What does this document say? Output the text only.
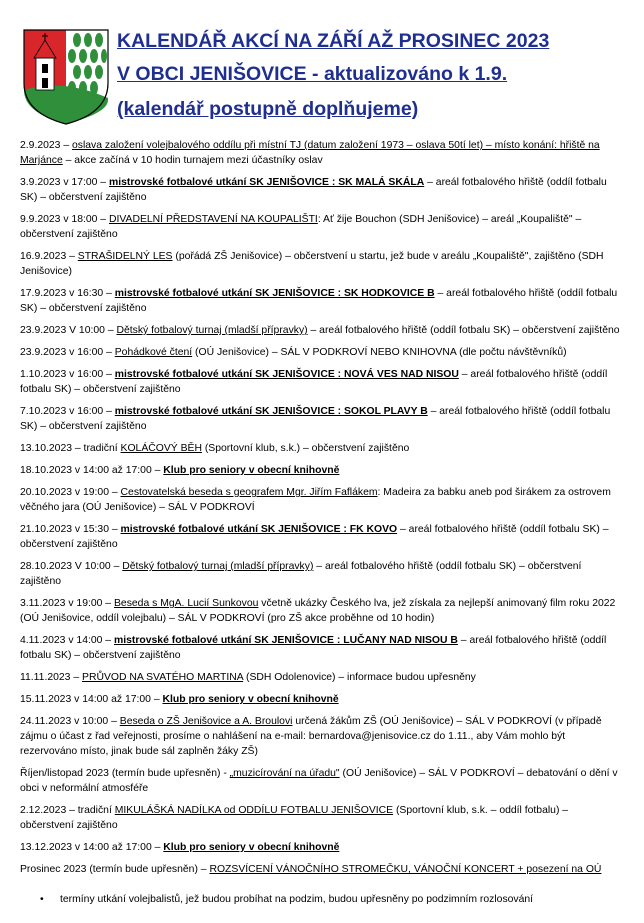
KALENDÁŘ AKCÍ NA ZÁŘÍ AŽ PROSINEC 2023
V OBCI JENIŠOVICE - aktualizováno k 1.9.
(kalendář postupně doplňujeme)
2.9.2023 – oslava založení volejbalového oddílu při místní TJ (datum založení 1973 – oslava 50tí let) – místo konání: hřiště na Marjánce – akce začíná v 10 hodin turnajem mezi účastníky oslav
3.9.2023 v 17:00 – mistrovské fotbalové utkání SK JENIŠOVICE : SK MALÁ SKÁLA – areál fotbalového hřiště (oddíl fotbalu SK) – občerstvení zajištěno
9.9.2023 v 18:00 – DIVADELNÍ PŘEDSTAVENÍ NA KOUPALIŠTI: Ať žije Bouchon (SDH Jenišovice) – areál „Koupaliště" – občerstvení zajištěno
16.9.2023 – STRAŠIDELNÝ LES (pořádá ZŠ Jenišovice) – občerstvení u startu, jež bude v areálu „Koupaliště", zajištěno (SDH Jenišovice)
17.9.2023 v 16:30 – mistrovské fotbalové utkání SK JENIŠOVICE : SK HODKOVICE B – areál fotbalového hřiště (oddíl fotbalu SK) – občerstvení zajištěno
23.9.2023 V 10:00 – Dětský fotbalový turnaj (mladší přípravky) – areál fotbalového hřiště (oddíl fotbalu SK) – občerstvení zajištěno
23.9.2023 v 16:00 – Pohádkové čtení (OÚ Jenišovice) – SÁL V PODKROVÍ NEBO KNIHOVNA (dle počtu návštěvníků)
1.10.2023 v 16:00 – mistrovské fotbalové utkání SK JENIŠOVICE : NOVÁ VES NAD NISOU – areál fotbalového hřiště (oddíl fotbalu SK) – občerstvení zajištěno
7.10.2023 v 16:00 – mistrovské fotbalové utkání SK JENIŠOVICE : SOKOL PLAVY B – areál fotbalového hřiště (oddíl fotbalu SK) – občerstvení zajištěno
13.10.2023 – tradiční KOLÁČOVÝ BĚH (Sportovní klub, s.k.) – občerstvení zajištěno
18.10.2023 v 14:00 až 17:00 – Klub pro seniory v obecní knihovně
20.10.2023 v 19:00 – Cestovatelská beseda s geografem Mgr. Jiřím Faflákem: Madeira za babku aneb pod širákem za ostrovem věčného jara (OÚ Jenišovice) – SÁL V PODKROVÍ
21.10.2023 v 15:30 – mistrovské fotbalové utkání SK JENIŠOVICE : FK KOVO – areál fotbalového hřiště (oddíl fotbalu SK) – občerstvení zajištěno
28.10.2023 V 10:00 – Dětský fotbalový turnaj (mladší přípravky) – areál fotbalového hřiště (oddíl fotbalu SK) – občerstvení zajištěno
3.11.2023 v 19:00 – Beseda s MgA. Lucií Sunkovou včetně ukázky Českého lva, jež získala za nejlepší animovaný film roku 2022 (OÚ Jenišovice, oddíl volejbalu) – SÁL V PODKROVÍ (pro ZŠ akce proběhne od 10 hodin)
4.11.2023 v 14:00 – mistrovské fotbalové utkání SK JENIŠOVICE : LUČANY NAD NISOU B – areál fotbalového hřiště (oddíl fotbalu SK) – občerstvení zajištěno
11.11.2023 – PRŮVOD NA SVATÉHO MARTINA (SDH Odolenovice) – informace budou upřesněny
15.11.2023 v 14:00 až 17:00 – Klub pro seniory v obecní knihovně
24.11.2023 v 10:00 – Beseda o ZŠ Jenišovice a A. Broulovi určená žákům ZŠ (OÚ Jenišovice) – SÁL V PODKROVÍ (v případě zájmu o účast z řad veřejnosti, prosíme o nahlášení na e-mail: bernardova@jenisovice.cz do 1.11., aby Vám mohlo být rezervováno místo, jinak bude sál zaplněn žáky ZŠ)
Říjen/listopad 2023 (termín bude upřesněn) - „muzicírování na úřadu" (OÚ Jenišovice) – SÁL V PODKROVÍ – debatování o dění v obci v neformální atmosféře
2.12.2023 – tradiční MIKULÁŠKÁ NADÍLKA od ODDÍLU FOTBALU JENIŠOVICE (Sportovní klub, s.k. – oddíl fotbalu) – občerstvení zajištěno
13.12.2023 v 14:00 až 17:00 – Klub pro seniory v obecní knihovně
Prosinec 2023 (termín bude upřesněn) – ROZSVÍCENÍ VÁNOČNÍHO STROMEČKU, VÁNOČNÍ KONCERT + posezení na OÚ
• termíny utkání volejbalistů, jež budou probíhat na podzim, budou upřesněny po podzimním rozlosování
